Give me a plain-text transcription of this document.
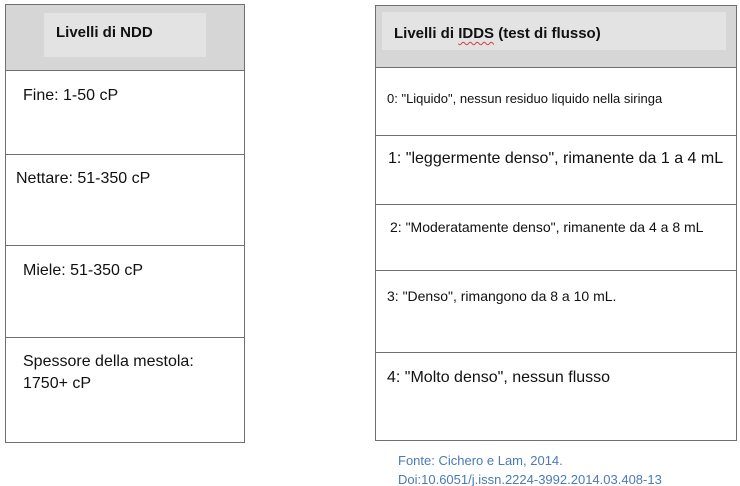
Livelli di NDD
Fine: 1-50 cP
Nettare: 51-350 cP
Miele: 51-350 cP
Spessore della mestola: 1750+ cP
Livelli di IDDS (test di flusso)
0: "Liquido", nessun residuo liquido nella siringa
1: "leggermente denso", rimanente da 1 a 4 mL
2: "Moderatamente denso", rimanente da 4 a 8 mL
3: "Denso", rimangono da 8 a 10 mL.
4: "Molto denso", nessun flusso
Fonte: Cichero e Lam, 2014.
Doi:10.6051/j.issn.2224-3992.2014.03.408-13
